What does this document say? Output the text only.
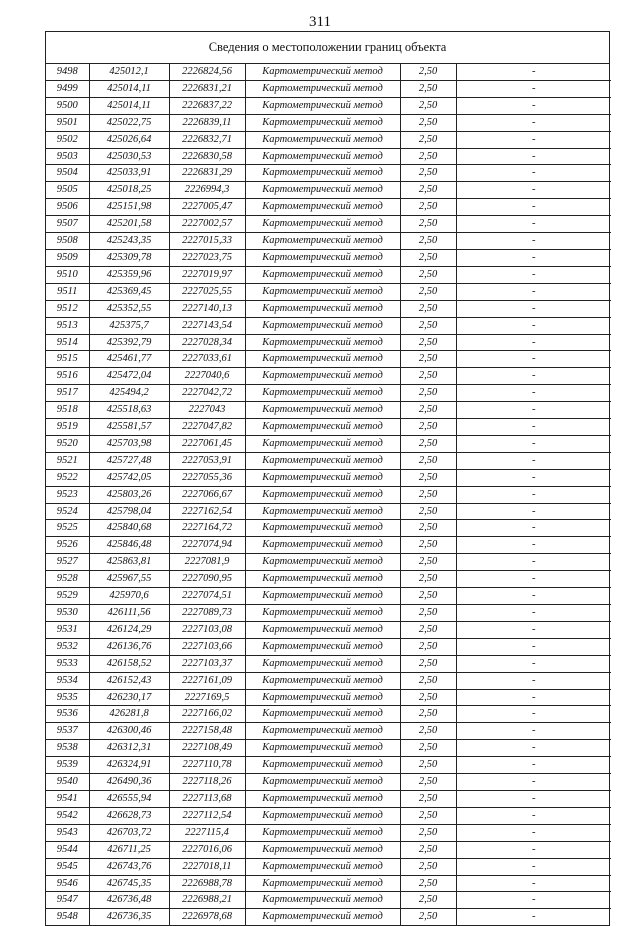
311
Сведения о местоположении границ объекта
9498	425012,1	2226824,56	Картометрический метод	2,50	-
9499	425014,11	2226831,21	Картометрический метод	2,50	-
9500	425014,11	2226837,22	Картометрический метод	2,50	-
9501	425022,75	2226839,11	Картометрический метод	2,50	-
9502	425026,64	2226832,71	Картометрический метод	2,50	-
9503	425030,53	2226830,58	Картометрический метод	2,50	-
9504	425033,91	2226831,29	Картометрический метод	2,50	-
9505	425018,25	2226994,3	Картометрический метод	2,50	-
9506	425151,98	2227005,47	Картометрический метод	2,50	-
9507	425201,58	2227002,57	Картометрический метод	2,50	-
9508	425243,35	2227015,33	Картометрический метод	2,50	-
9509	425309,78	2227023,75	Картометрический метод	2,50	-
9510	425359,96	2227019,97	Картометрический метод	2,50	-
9511	425369,45	2227025,55	Картометрический метод	2,50	-
9512	425352,55	2227140,13	Картометрический метод	2,50	-
9513	425375,7	2227143,54	Картометрический метод	2,50	-
9514	425392,79	2227028,34	Картометрический метод	2,50	-
9515	425461,77	2227033,61	Картометрический метод	2,50	-
9516	425472,04	2227040,6	Картометрический метод	2,50	-
9517	425494,2	2227042,72	Картометрический метод	2,50	-
9518	425518,63	2227043	Картометрический метод	2,50	-
9519	425581,57	2227047,82	Картометрический метод	2,50	-
9520	425703,98	2227061,45	Картометрический метод	2,50	-
9521	425727,48	2227053,91	Картометрический метод	2,50	-
9522	425742,05	2227055,36	Картометрический метод	2,50	-
9523	425803,26	2227066,67	Картометрический метод	2,50	-
9524	425798,04	2227162,54	Картометрический метод	2,50	-
9525	425840,68	2227164,72	Картометрический метод	2,50	-
9526	425846,48	2227074,94	Картометрический метод	2,50	-
9527	425863,81	2227081,9	Картометрический метод	2,50	-
9528	425967,55	2227090,95	Картометрический метод	2,50	-
9529	425970,6	2227074,51	Картометрический метод	2,50	-
9530	426111,56	2227089,73	Картометрический метод	2,50	-
9531	426124,29	2227103,08	Картометрический метод	2,50	-
9532	426136,76	2227103,66	Картометрический метод	2,50	-
9533	426158,52	2227103,37	Картометрический метод	2,50	-
9534	426152,43	2227161,09	Картометрический метод	2,50	-
9535	426230,17	2227169,5	Картометрический метод	2,50	-
9536	426281,8	2227166,02	Картометрический метод	2,50	-
9537	426300,46	2227158,48	Картометрический метод	2,50	-
9538	426312,31	2227108,49	Картометрический метод	2,50	-
9539	426324,91	2227110,78	Картометрический метод	2,50	-
9540	426490,36	2227118,26	Картометрический метод	2,50	-
9541	426555,94	2227113,68	Картометрический метод	2,50	-
9542	426628,73	2227112,54	Картометрический метод	2,50	-
9543	426703,72	2227115,4	Картометрический метод	2,50	-
9544	426711,25	2227016,06	Картометрический метод	2,50	-
9545	426743,76	2227018,11	Картометрический метод	2,50	-
9546	426745,35	2226988,78	Картометрический метод	2,50	-
9547	426736,48	2226988,21	Картометрический метод	2,50	-
9548	426736,35	2226978,68	Картометрический метод	2,50	-
